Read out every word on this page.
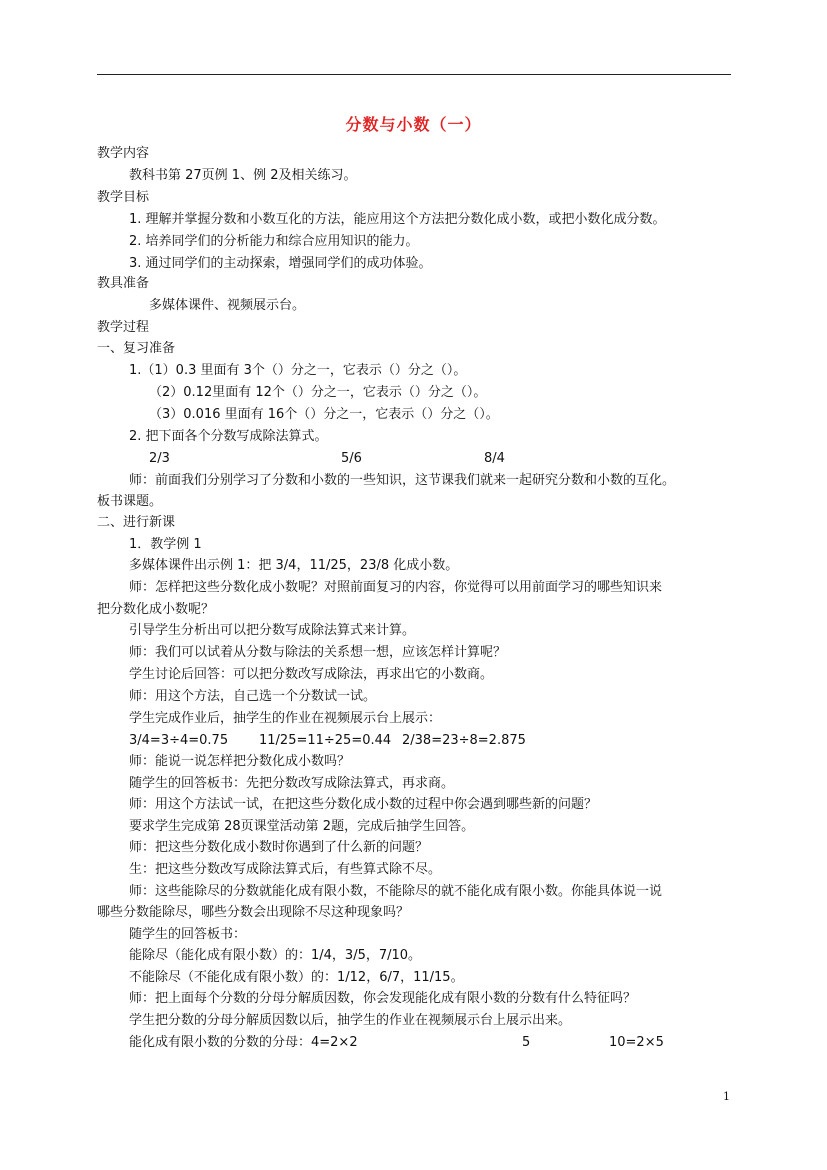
分数与小数（一）
教学内容
教科书第 27页例 1、例 2及相关练习。
教学目标
1. 理解并掌握分数和小数互化的方法，能应用这个方法把分数化成小数，或把小数化成分数。
2. 培养同学们的分析能力和综合应用知识的能力。
3. 通过同学们的主动探索，增强同学们的成功体验。
教具准备
多媒体课件、视频展示台。
教学过程
一、复习准备
1.（1）0.3 里面有 3个（）分之一，它表示（）分之（）。
（2）0.12里面有 12个（）分之一，它表示（）分之（）。
（3）0.016 里面有 16个（）分之一，它表示（）分之（）。
2. 把下面各个分数写成除法算式。
2/3	5/6	8/4
师：前面我们分别学习了分数和小数的一些知识，这节课我们就来一起研究分数和小数的互化。
板书课题。
二、进行新课
1．教学例 1
多媒体课件出示例 1：把 3/4，11/25，23/8 化成小数。
师：怎样把这些分数化成小数呢？对照前面复习的内容，你觉得可以用前面学习的哪些知识来
把分数化成小数呢？
引导学生分析出可以把分数写成除法算式来计算。
师：我们可以试着从分数与除法的关系想一想，应该怎样计算呢？
学生讨论后回答：可以把分数改写成除法，再求出它的小数商。
师：用这个方法，自己选一个分数试一试。
学生完成作业后，抽学生的作业在视频展示台上展示：
3/4=3÷4=0.75 11/25=11÷25=0.44 2/38=23÷8=2.875
师：能说一说怎样把分数化成小数吗？
随学生的回答板书：先把分数改写成除法算式，再求商。
师：用这个方法试一试，在把这些分数化成小数的过程中你会遇到哪些新的问题？
要求学生完成第 28页课堂活动第 2题，完成后抽学生回答。
师：把这些分数化成小数时你遇到了什么新的问题？
生：把这些分数改写成除法算式后，有些算式除不尽。
师：这些能除尽的分数就能化成有限小数，不能除尽的就不能化成有限小数。你能具体说一说
哪些分数能除尽，哪些分数会出现除不尽这种现象吗？
随学生的回答板书：
能除尽（能化成有限小数）的：1/4，3/5，7/10。
不能除尽（不能化成有限小数）的：1/12，6/7，11/15。
师：把上面每个分数的分母分解质因数，你会发现能化成有限小数的分数有什么特征吗？
学生把分数的分母分解质因数以后，抽学生的作业在视频展示台上展示出来。
能化成有限小数的分数的分母：4=2×2	5	10=2×5
1
